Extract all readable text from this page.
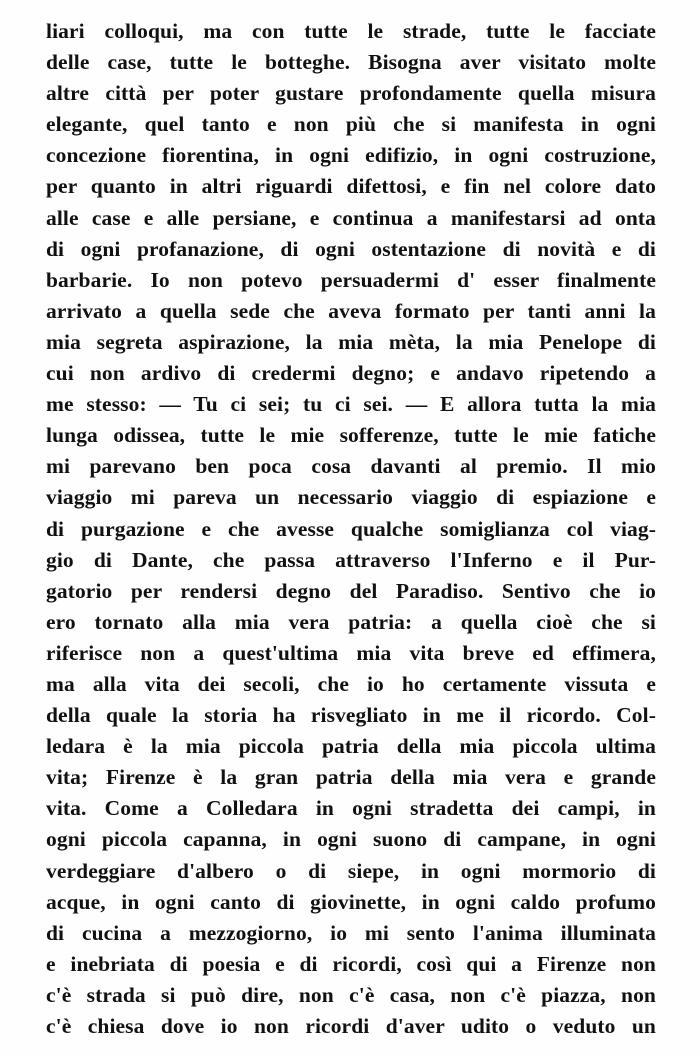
liari colloqui, ma con tutte le strade, tutte le facciate
delle case, tutte le botteghe. Bisogna aver visitato molte
altre città per poter gustare profondamente quella misura
elegante, quel tanto e non più che si manifesta in ogni
concezione fiorentina, in ogni edifizio, in ogni costruzione,
per quanto in altri riguardi difettosi, e fin nel colore dato
alle case e alle persiane, e continua a manifestarsi ad onta
di ogni profanazione, di ogni ostentazione di novità e di
barbarie. Io non potevo persuadermi d' esser finalmente
arrivato a quella sede che aveva formato per tanti anni la
mia segreta aspirazione, la mia mèta, la mia Penelope di
cui non ardivo di credermi degno; e andavo ripetendo a
me stesso: — Tu ci sei; tu ci sei. — E allora tutta la mia
lunga odissea, tutte le mie sofferenze, tutte le mie fatiche
mi parevano ben poca cosa davanti al premio. Il mio
viaggio mi pareva un necessario viaggio di espiazione e
di purgazione e che avesse qualche somiglianza col viag-
gio di Dante, che passa attraverso l'Inferno e il Pur-
gatorio per rendersi degno del Paradiso. Sentivo che io
ero tornato alla mia vera patria: a quella cioè che si
riferisce non a quest'ultima mia vita breve ed effimera,
ma alla vita dei secoli, che io ho certamente vissuta e
della quale la storia ha risvegliato in me il ricordo. Col-
ledara è la mia piccola patria della mia piccola ultima
vita; Firenze è la gran patria della mia vera e grande
vita. Come a Colledara in ogni stradetta dei campi, in
ogni piccola capanna, in ogni suono di campane, in ogni
verdeggiare d'albero o di siepe, in ogni mormorio di
acque, in ogni canto di giovinette, in ogni caldo profumo
di cucina a mezzogiorno, io mi sento l'anima illuminata
e inebriata di poesia e di ricordi, così qui a Firenze non
c'è strada si può dire, non c'è casa, non c'è piazza, non
c'è chiesa dove io non ricordi d'aver udito o veduto un
